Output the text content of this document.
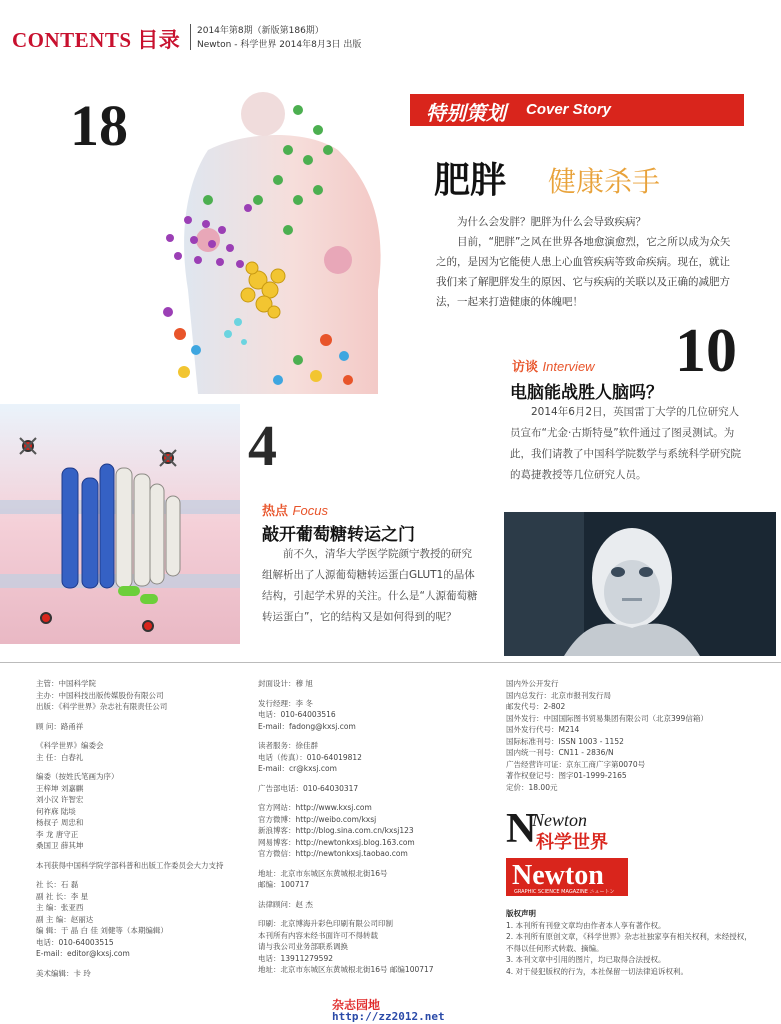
CONTENTS 目录 2014年第8期（新版第186期）
Newton - 科学世界 2014年8月3日 出版
18	特别策划 Cover Story
肥胖 健康杀手

为什么会发胖？肥胖为什么会导致疾病？

目前，“肥胖”之风在世界各地愈演愈烈，它之所以成为众矢之的，是因为它能使人患上心血管疾病等致命疾病。现在，就让我们来了解肥胖发生的原因、它与疾病的关联以及正确的减肥方法，一起来打造健康的体魄吧！

访谈 Interview 10
电脑能战胜人脑吗？

2014年6月2日，英国雷丁大学的几位研究人员宣布“尤金·古斯特曼”软件通过了图灵测试。为此，我们请教了中国科学院数学与系统科学研究院的葛捷教授等几位研究人员。

4
热点 Focus
敲开葡萄糖转运之门

前不久，清华大学医学院颜宁教授的研究组解析出了人源葡萄糖转运蛋白GLUT1的晶体结构，引起学术界的关注。什么是“人源葡萄糖转运蛋白”，它的结构又是如何得到的呢？

主管：中国科学院
主办：中国科技出版传媒股份有限公司
出版：《科学世界》杂志社有限责任公司
顾 问：路甬祥
《科学世界》编委会
主 任：白春礼
编委（按姓氏笔画为序）
王梓坤 刘嘉麒
刘小汉 许智宏
何祚庥 陆埮
杨叔子 周忠和
李 龙 唐守正
桑国卫 薛其坤
本刊获得中国科学院学部科普和出版工作委员会大力支持
社 长：石 磊
副 社 长：李 星
主 编：张亚西
副 主 编：赵丽达
编 辑：于 晶 白 佳 刘健等（本期编辑）
电话：010-64003515
E-mail：editor@kxsj.com
美术编辑：卡 玲
封面设计：穆 旭
发行经理：李 冬
电话：010-64003516
E-mail：fadong@kxsj.com
读者服务：徐佳群
电话（传真）：010-64019812
E-mail：cr@kxsj.com
广告部电话：010-64030317
官方网站：http://www.kxsj.com
官方微博：http://weibo.com/kxsj
新浪博客：http://blog.sina.com.cn/kxsj123
网易博客：http://newtonkxsj.blog.163.com
官方微信：http://newtonkxsj.taobao.com
地址：北京市东城区东黄城根北街16号
邮编：100717
法律顾问：赵 杰
印刷：北京博海升彩色印刷有限公司印制
本刊所有内容未经书面许可不得转载
请与我公司业务部联系调换
电话：13911279592
地址：北京市东城区东黄城根北街16号 邮编100717
国内外公开发行
国内总发行：北京市报刊发行局
邮发代号：2-802
国外发行：中国国际图书贸易集团有限公司（北京399信箱）
国外发行代号：M214
国际标准刊号：ISSN 1003 - 1152
国内统一刊号：CN11 - 2836/N
广告经营许可证：京东工商广字第0070号
著作权登记号：图字01-1999-2165
定价：18.00元
N
Newton
科学世界
Newton
GRAPHIC SCIENCE MAGAZINE ニュートン
版权声明
1. 本刊所有刊登文章均由作者本人享有著作权。
2. 本刊所有原创文章，《科学世界》杂志社独家享有相关权利，未经授权，不得以任何形式转载、摘编。
3. 本刊文章中引用的图片，均已取得合法授权。
4. 对于侵犯版权的行为，本社保留一切法律追诉权利。
杂志园地
http://zz2012.net
